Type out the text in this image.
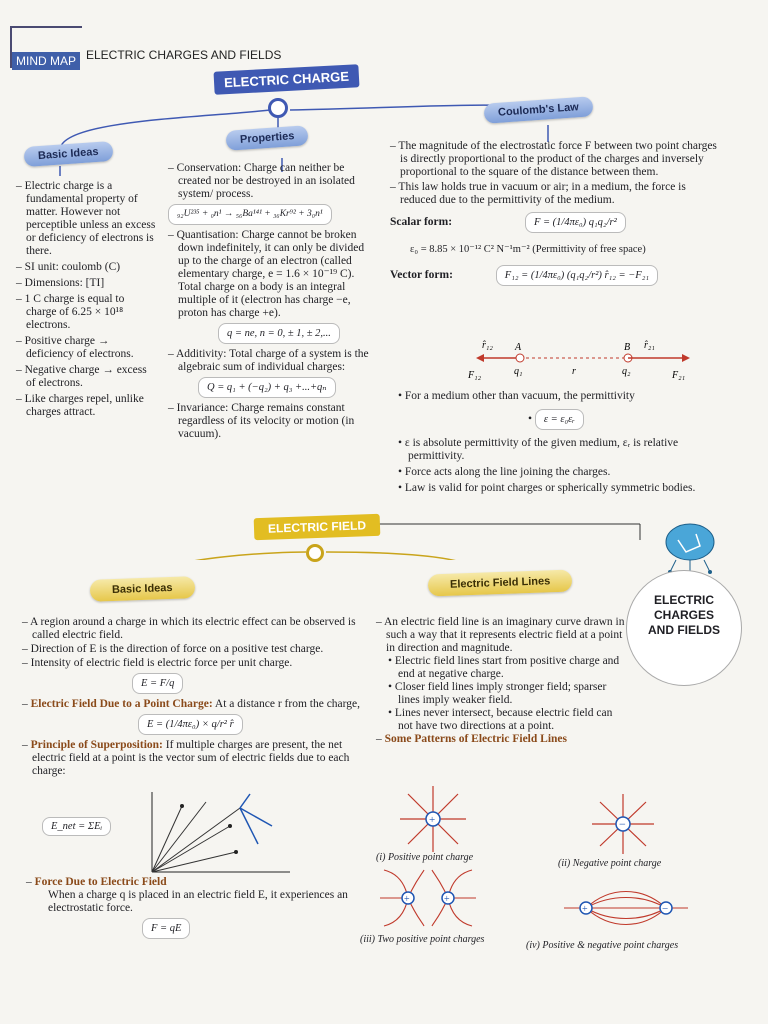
MIND MAP ELECTRIC CHARGES AND FIELDS
ELECTRIC CHARGE
Basic Ideas
Properties
Coulomb's Law
– Electric charge is a fundamental property of matter. However not perceptible unless an excess or deficiency of electrons is there.
– SI unit: coulomb (C)
– Dimensions: [TI]
– 1 C charge is equal to charge of 6.25 × 10¹⁸ electrons.
– Positive charge → deficiency of electrons.
– Negative charge → excess of electrons.
– Like charges repel, unlike charges attract.
– Conservation: Charge can neither be created nor be destroyed in an isolated system/ process.
₉₂U²³⁵ + ₀n¹ → ₅₆Ba¹⁴¹ + ₃₆Kr⁹² + 3₀n¹
– Quantisation: Charge cannot be broken down indefinitely, it can only be divided up to the charge of an electron (called elementary charge, e = 1.6 × 10⁻¹⁹ C). Total charge on a body is an integral multiple of it (electron has charge −e, proton has charge +e).
q = ne, n = 0, ± 1, ± 2,...
– Additivity: Total charge of a system is the algebraic sum of individual charges:
Q = q₁ + (−q₂) + q₃ +...+qₙ
– Invariance: Charge remains constant regardless of its velocity or motion (in vacuum).
– The magnitude of the electrostatic force F between two point charges is directly proportional to the product of the charges and inversely proportional to the square of the distance between them.
– This law holds true in vacuum or air; in a medium, the force is reduced due to the permittivity of the medium.
Scalar form:	F = (1/4πε₀) q₁q₂/r²
ε₀ = 8.85 × 10⁻¹² C² N⁻¹m⁻² (Permittivity of free space)
Vector form:	F₁₂ = (1/4πε₀) (q₁q₂/r²) r̂₁₂ = −F₂₁
A	B
q₁	q₂
r
F₁₂	F₂₁
r̂₁₂	r̂₂₁
• For a medium other than vacuum, the permittivity
• ε = ε₀εᵣ
• ε is absolute permittivity of the given medium, εᵣ is relative permittivity.
• Force acts along the line joining the charges.
• Law is valid for point charges or spherically symmetric bodies.
ELECTRIC FIELD
Basic Ideas	Electric Field Lines
ELECTRIC
CHARGES
AND FIELDS
– A region around a charge in which its electric effect can be observed is called electric field.
– Direction of E is the direction of force on a positive test charge.
– Intensity of electric field is electric force per unit charge.
E = F/q
– Electric Field Due to a Point Charge: At a distance r from the charge,
E = (1/4πε₀) × q/r² r̂
– Principle of Superposition: If multiple charges are present, the net electric field at a point is the vector sum of electric fields due to each charge:
E_net = ΣEᵢ
– Force Due to Electric Field
When a charge q is placed in an electric field E, it experiences an electrostatic force.
F = qE
– An electric field line is an imaginary curve drawn in such a way that it represents electric field at a point in direction and magnitude.
• Electric field lines start from positive charge and end at negative charge.
• Closer field lines imply stronger field; sparser lines imply weaker field.
• Lines never intersect, because electric field can not have two directions at a point.
– Some Patterns of Electric Field Lines
+
(i) Positive point charge
−
(ii) Negative point charge
+	+
(iii) Two positive point charges
+	−
(iv) Positive & negative point charges
